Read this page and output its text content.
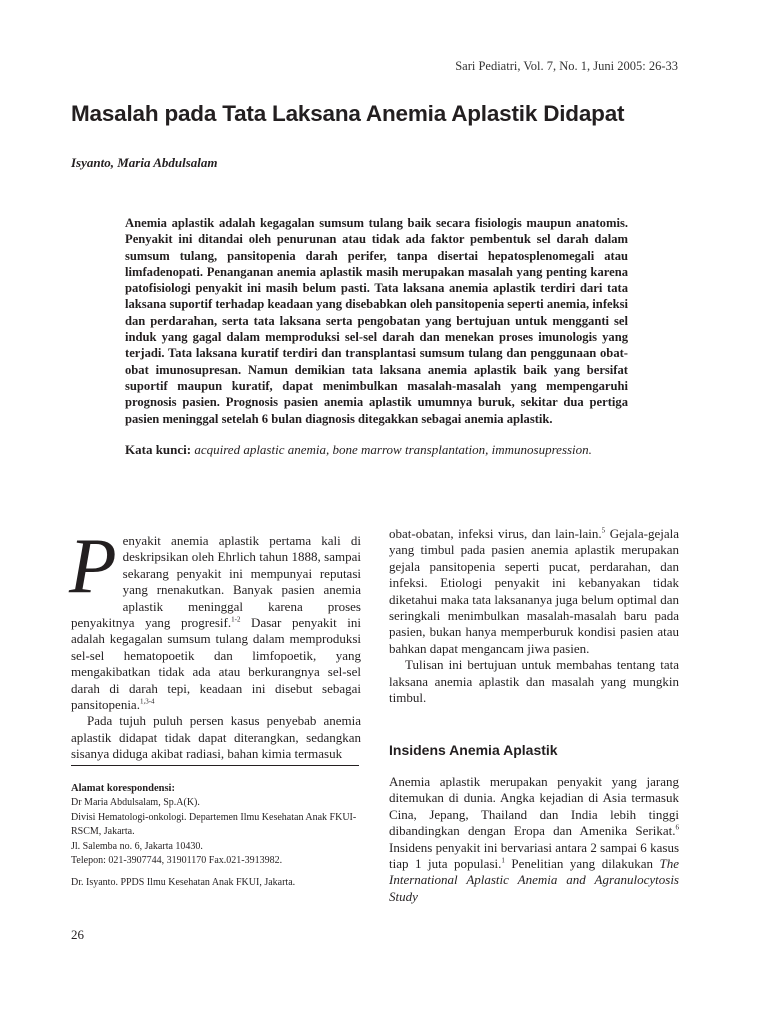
Sari Pediatri, Vol. 7, No. 1, Juni 2005: 26-33
Masalah pada Tata Laksana Anemia Aplastik Didapat
Isyanto, Maria Abdulsalam
Anemia aplastik adalah kegagalan sumsum tulang baik secara fisiologis maupun anatomis. Penyakit ini ditandai oleh penurunan atau tidak ada faktor pembentuk sel darah dalam sumsum tulang, pansitopenia darah perifer, tanpa disertai hepatosplenomegali atau limfadenopati. Penanganan anemia aplastik masih merupakan masalah yang penting karena patofisiologi penyakit ini masih belum pasti. Tata laksana anemia aplastik terdiri dari tata laksana suportif terhadap keadaan yang disebabkan oleh pansitopenia seperti anemia, infeksi dan perdarahan, serta tata laksana serta pengobatan yang bertujuan untuk mengganti sel induk yang gagal dalam memproduksi sel-sel darah dan menekan proses imunologis yang terjadi. Tata laksana kuratif terdiri dan transplantasi sumsum tulang dan penggunaan obat-obat imunosupresan. Namun demikian tata laksana anemia aplastik baik yang bersifat suportif maupun kuratif, dapat menimbulkan masalah-masalah yang mempengaruhi prognosis pasien. Prognosis pasien anemia aplastik umumnya buruk, sekitar dua pertiga pasien meninggal setelah 6 bulan diagnosis ditegakkan sebagai anemia aplastik.
Kata kunci: acquired aplastic anemia, bone marrow transplantation, immunosupression.

Penyakit anemia aplastik pertama kali di deskripsikan oleh Ehrlich tahun 1888, sampai sekarang penyakit ini mempunyai reputasi yang rnenakutkan. Banyak pasien anemia aplastik meninggal karena proses penyakitnya yang progresif.$^{1-2}$ Dasar penyakit ini adalah kegagalan sumsum tulang dalam memproduksi sel-sel hematopoetik dan limfopoetik, yang mengakibatkan tidak ada atau berkurangnya sel-sel darah di darah tepi, keadaan ini disebut sebagai pansitopenia.$^{1,3-4}$

Pada tujuh puluh persen kasus penyebab anemia aplastik didapat tidak dapat diterangkan, sedangkan sisanya diduga akibat radiasi, bahan kimia termasuk

obat-obatan, infeksi virus, dan lain-lain.$^5$ Gejala-gejala yang timbul pada pasien anemia aplastik merupakan gejala pansitopenia seperti pucat, perdarahan, dan infeksi. Etiologi penyakit ini kebanyakan tidak diketahui maka tata laksananya juga belum optimal dan seringkali menimbulkan masalah-masalah baru pada pasien, bukan hanya memperburuk kondisi pasien atau bahkan dapat mengancam jiwa pasien.

Tulisan ini bertujuan untuk membahas tentang tata laksana anemia aplastik dan masalah yang mungkin timbul.

Insidens Anemia Aplastik

Anemia aplastik merupakan penyakit yang jarang ditemukan di dunia. Angka kejadian di Asia termasuk Cina, Jepang, Thailand dan India lebih tinggi dibandingkan dengan Eropa dan Amenika Serikat.$^6$ Insidens penyakit ini bervariasi antara 2 sampai 6 kasus tiap 1 juta populasi.$^1$ Penelitian yang dilakukan The International Aplastic Anemia and Agranulocytosis Study

Alamat korespondensi:
Dr Maria Abdulsalam, Sp.A(K).
Divisi Hematologi-onkologi. Departemen Ilmu Kesehatan Anak FKUI-RSCM, Jakarta.
Jl. Salemba no. 6, Jakarta 10430.
Telepon: 021-3907744, 31901170 Fax.021-3913982.
Dr. Isyanto. PPDS Ilmu Kesehatan Anak FKUI, Jakarta.
26
